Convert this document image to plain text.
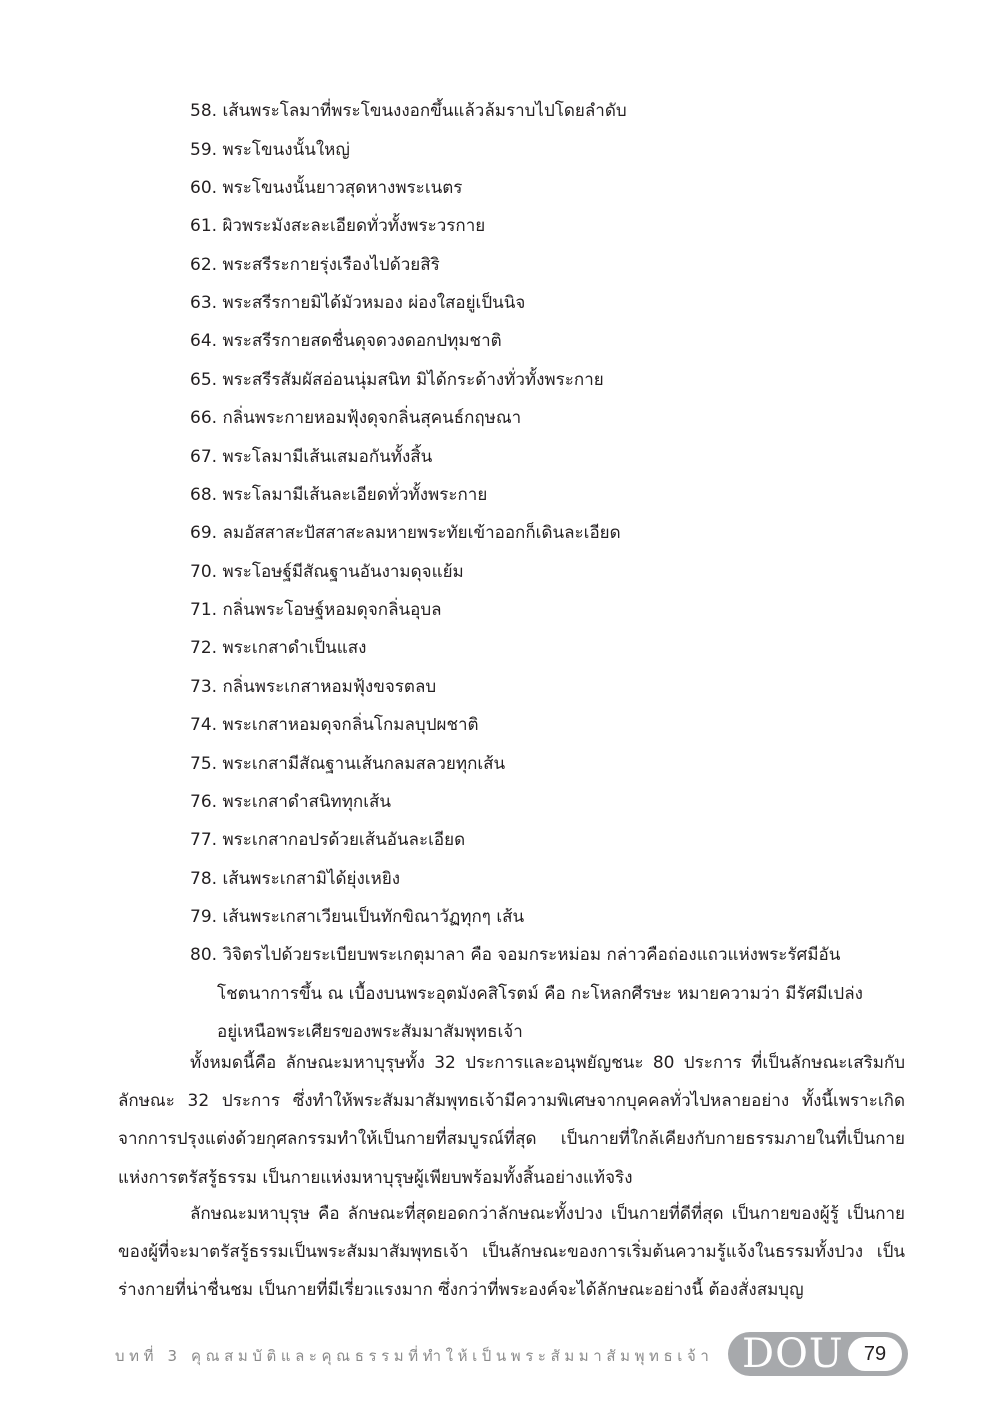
58. เส้นพระโลมาที่พระโขนงงอกขึ้นแล้วล้มราบไปโดยลำดับ
59. พระโขนงนั้นใหญ่
60. พระโขนงนั้นยาวสุดหางพระเนตร
61. ผิวพระมังสะละเอียดทั่วทั้งพระวรกาย
62. พระสรีระกายรุ่งเรืองไปด้วยสิริ
63. พระสรีรกายมิได้มัวหมอง ผ่องใสอยู่เป็นนิจ
64. พระสรีรกายสดชื่นดุจดวงดอกปทุมชาติ
65. พระสรีรสัมผัสอ่อนนุ่มสนิท มิได้กระด้างทั่วทั้งพระกาย
66. กลิ่นพระกายหอมฟุ้งดุจกลิ่นสุคนธ์กฤษณา
67. พระโลมามีเส้นเสมอกันทั้งสิ้น
68. พระโลมามีเส้นละเอียดทั่วทั้งพระกาย
69. ลมอัสสาสะปัสสาสะลมหายพระทัยเข้าออกก็เดินละเอียด
70. พระโอษฐ์มีสัณฐานอันงามดุจแย้ม
71. กลิ่นพระโอษฐ์หอมดุจกลิ่นอุบล
72. พระเกสาดำเป็นแสง
73. กลิ่นพระเกสาหอมฟุ้งขจรตลบ
74. พระเกสาหอมดุจกลิ่นโกมลบุปผชาติ
75. พระเกสามีสัณฐานเส้นกลมสลวยทุกเส้น
76. พระเกสาดำสนิททุกเส้น
77. พระเกสากอปรด้วยเส้นอันละเอียด
78. เส้นพระเกสามิได้ยุ่งเหยิง
79. เส้นพระเกสาเวียนเป็นทักขิณาวัฏทุกๆ เส้น
80. วิจิตรไปด้วยระเบียบพระเกตุมาลา คือ จอมกระหม่อม กล่าวคือถ่องแถวแห่งพระรัศมีอัน
โชตนาการขึ้น ณ เบื้องบนพระอุตมังคสิโรตม์ คือ กะโหลกศีรษะ หมายความว่า มีรัศมีเปล่ง
อยู่เหนือพระเศียรของพระสัมมาสัมพุทธเจ้า
ทั้งหมดนี้คือ ลักษณะมหาบุรุษทั้ง 32 ประการและอนุพยัญชนะ 80 ประการ ที่เป็นลักษณะเสริมกับลักษณะ 32 ประการ ซึ่งทำให้พระสัมมาสัมพุทธเจ้ามีความพิเศษจากบุคคลทั่วไปหลายอย่าง ทั้งนี้เพราะเกิดจากการปรุงแต่งด้วยกุศลกรรมทำให้เป็นกายที่สมบูรณ์ที่สุด เป็นกายที่ใกล้เคียงกับกายธรรมภายในที่เป็นกายแห่งการตรัสรู้ธรรม เป็นกายแห่งมหาบุรุษผู้เพียบพร้อมทั้งสิ้นอย่างแท้จริง
ลักษณะมหาบุรุษ คือ ลักษณะที่สุดยอดกว่าลักษณะทั้งปวง เป็นกายที่ดีที่สุด เป็นกายของผู้รู้ เป็นกายของผู้ที่จะมาตรัสรู้ธรรมเป็นพระสัมมาสัมพุทธเจ้า เป็นลักษณะของการเริ่มต้นความรู้แจ้งในธรรมทั้งปวง เป็นร่างกายที่น่าชื่นชม เป็นกายที่มีเรี่ยวแรงมาก ซึ่งกว่าที่พระองค์จะได้ลักษณะอย่างนี้ ต้องสั่งสมบุญ
บทที่ 3 คุณสมบัติและคุณธรรมที่ทำให้เป็นพระสัมมาสัมพุทธเจ้า DOU	79
